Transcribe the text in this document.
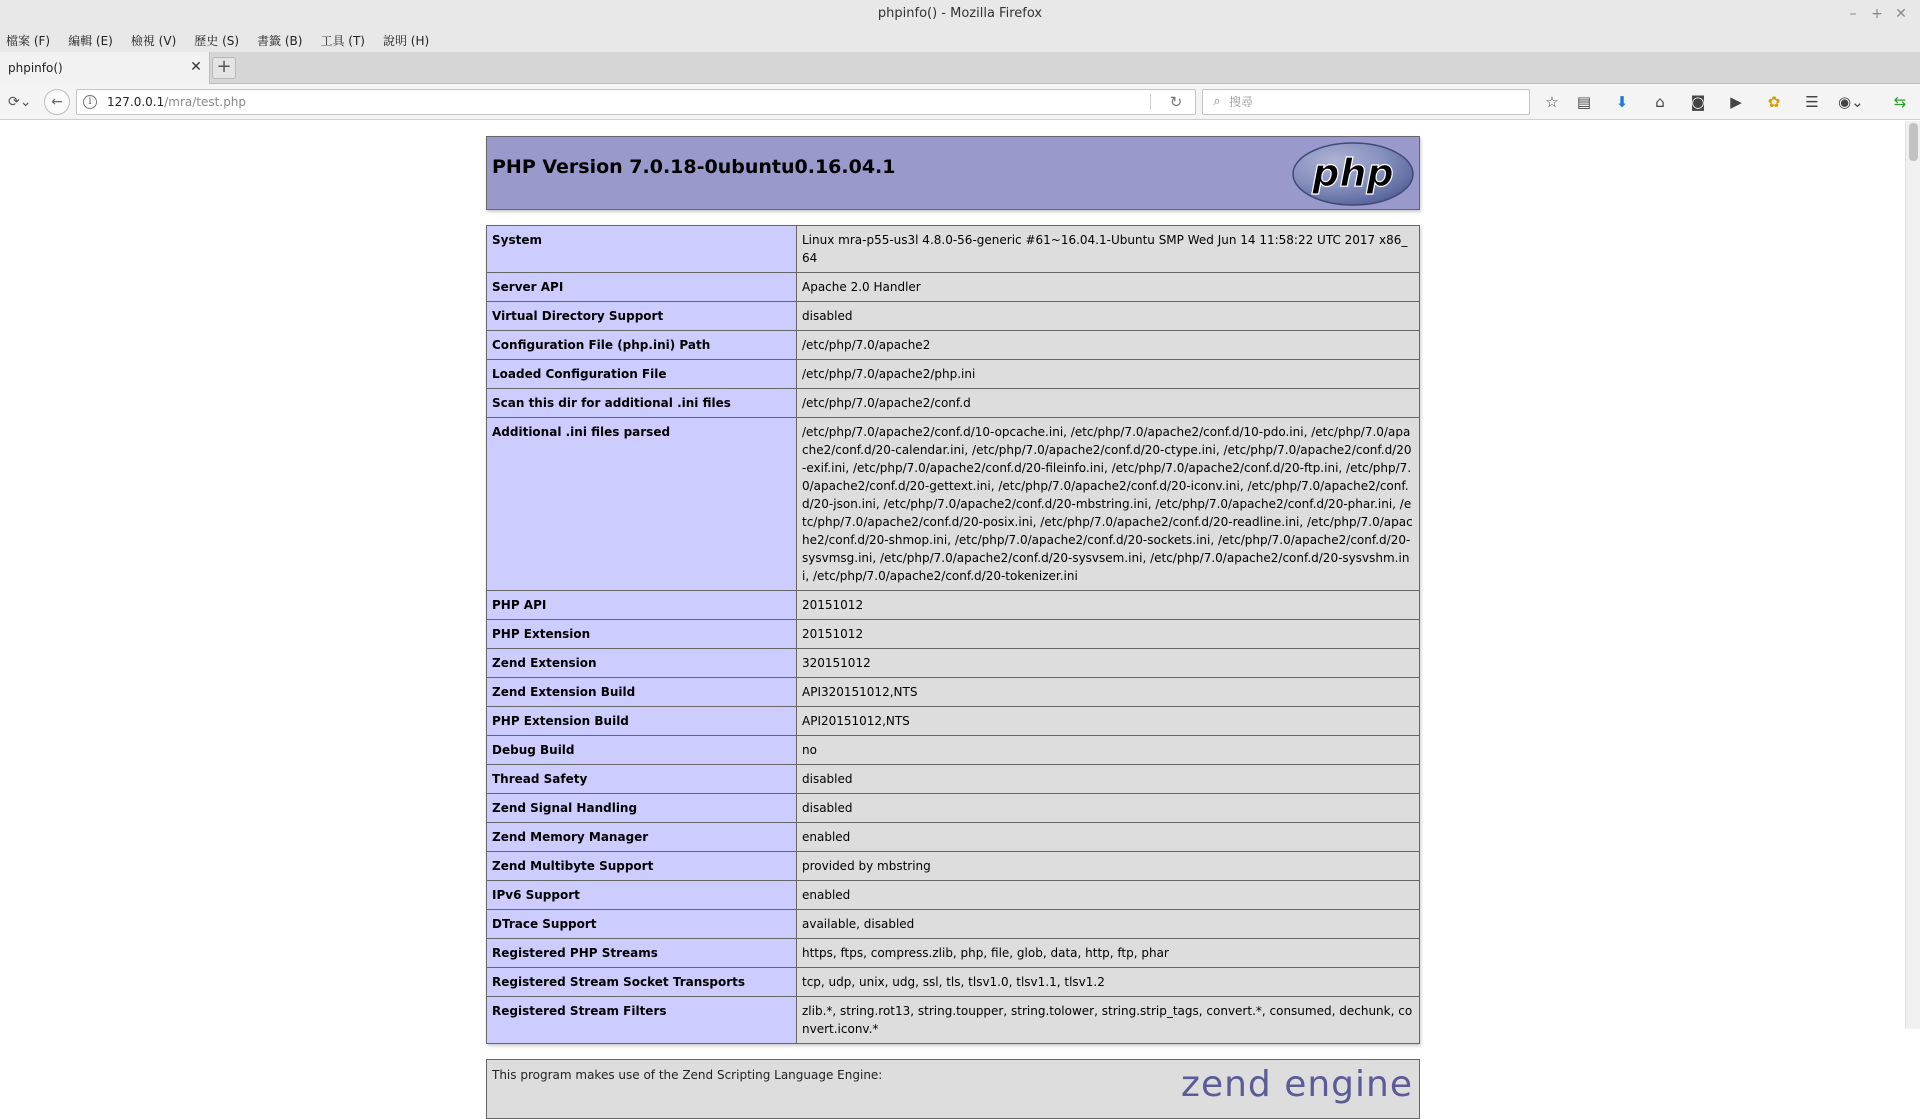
phpinfo() - Mozilla Firefox	–	+ ✕
檔案 (F) 編輯 (E) 檢視 (V) 歷史 (S) 書籤 (B) 工具 (T) 說明 (H)
phpinfo()	✕ +
⟳⌄	←	i	127.0.0.1/mra/test.php	↻	⌕
搜尋	☆	▤	⬇	⌂	◙	▶	✿	☰	◉⌄	⇆
PHP Version 7.0.18-0ubuntu0.16.04.1	php
System	Linux mra-p55-us3l 4.8.0-56-generic #61~16.04.1-Ubuntu SMP Wed Jun 14 11:58:22 UTC 2017 x86_64
Server API	Apache 2.0 Handler
Virtual Directory Support	disabled
Configuration File (php.ini) Path	/etc/php/7.0/apache2
Loaded Configuration File	/etc/php/7.0/apache2/php.ini
Scan this dir for additional .ini files	/etc/php/7.0/apache2/conf.d
Additional .ini files parsed	/etc/php/7.0/apache2/conf.d/10-opcache.ini, /etc/php/7.0/apache2/conf.d/10-pdo.ini, /etc/php/7.0/apache2/conf.d/20-calendar.ini, /etc/php/7.0/apache2/conf.d/20-ctype.ini, /etc/php/7.0/apache2/conf.d/20-exif.ini, /etc/php/7.0/apache2/conf.d/20-fileinfo.ini, /etc/php/7.0/apache2/conf.d/20-ftp.ini, /etc/php/7.0/apache2/conf.d/20-gettext.ini, /etc/php/7.0/apache2/conf.d/20-iconv.ini, /etc/php/7.0/apache2/conf.d/20-json.ini, /etc/php/7.0/apache2/conf.d/20-mbstring.ini, /etc/php/7.0/apache2/conf.d/20-phar.ini, /etc/php/7.0/apache2/conf.d/20-posix.ini, /etc/php/7.0/apache2/conf.d/20-readline.ini, /etc/php/7.0/apache2/conf.d/20-shmop.ini, /etc/php/7.0/apache2/conf.d/20-sockets.ini, /etc/php/7.0/apache2/conf.d/20-sysvmsg.ini, /etc/php/7.0/apache2/conf.d/20-sysvsem.ini, /etc/php/7.0/apache2/conf.d/20-sysvshm.ini, /etc/php/7.0/apache2/conf.d/20-tokenizer.ini
PHP API	20151012
PHP Extension	20151012
Zend Extension	320151012
Zend Extension Build	API320151012,NTS
PHP Extension Build	API20151012,NTS
Debug Build	no
Thread Safety	disabled
Zend Signal Handling	disabled
Zend Memory Manager	enabled
Zend Multibyte Support	provided by mbstring
IPv6 Support	enabled
DTrace Support	available, disabled
Registered PHP Streams	https, ftps, compress.zlib, php, file, glob, data, http, ftp, phar
Registered Stream Socket Transports	tcp, udp, unix, udg, ssl, tls, tlsv1.0, tlsv1.1, tlsv1.2
Registered Stream Filters	zlib.*, string.rot13, string.toupper, string.tolower, string.strip_tags, convert.*, consumed, dechunk, convert.iconv.*
This program makes use of the Zend Scripting Language Engine:	zend engine
